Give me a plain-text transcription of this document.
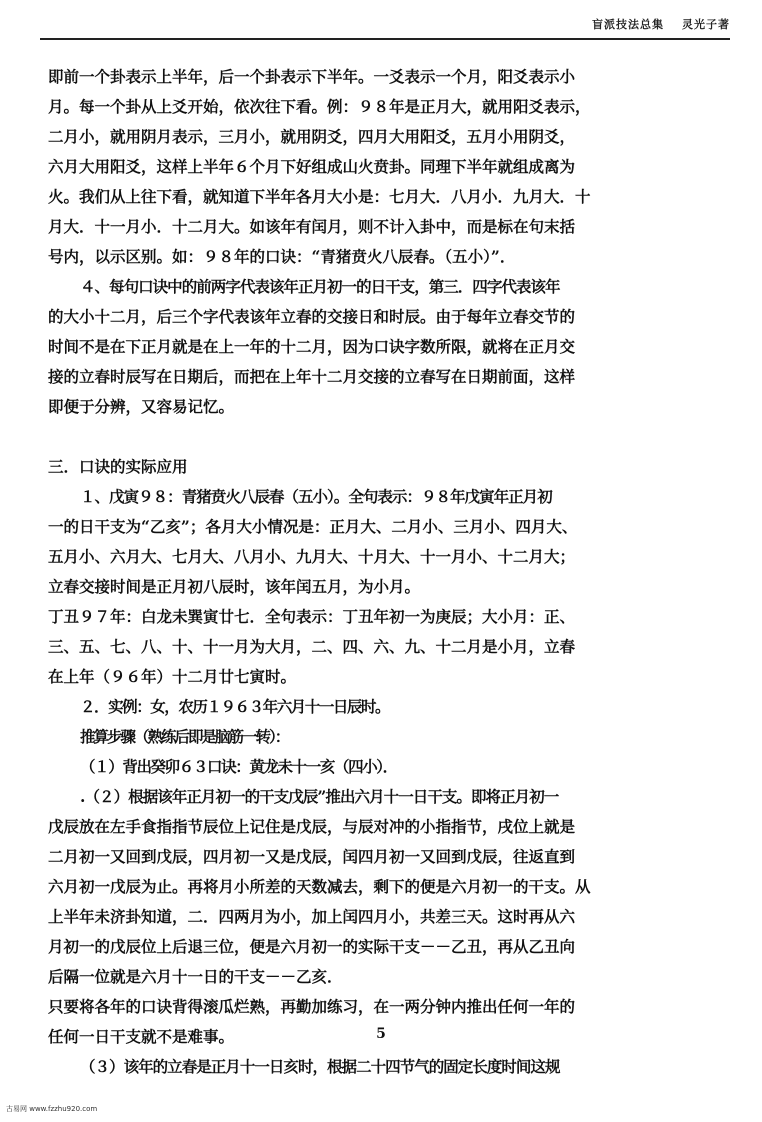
盲派技法总集 灵光子著
即前一个卦表示上半年，后一个卦表示下半年。一爻表示一个月，阳爻表示小
月。每一个卦从上爻开始，依次往下看。例：９８年是正月大，就用阳爻表示，
二月小，就用阴月表示，三月小，就用阴爻，四月大用阳爻，五月小用阴爻，
六月大用阳爻，这样上半年６个月下好组成山火贲卦。同理下半年就组成离为
火。我们从上往下看，就知道下半年各月大小是：七月大．八月小．九月大．十
月大．十一月小．十二月大。如该年有闰月，则不计入卦中，而是标在句末括
号内，以示区别。如：９８年的口诀：“青猪贲火八辰春。（五小）”．
４、每句口诀中的前两字代表该年正月初一的日干支，第三．四字代表该年
的大小十二月，后三个字代表该年立春的交接日和时辰。由于每年立春交节的
时间不是在下正月就是在上一年的十二月，因为口诀字数所限，就将在正月交
接的立春时辰写在日期后，而把在上年十二月交接的立春写在日期前面，这样
即便于分辨，又容易记忆。
三．口诀的实际应用
１、戊寅９８：青猪贲火八辰春（五小）。全句表示：９８年戊寅年正月初
一的日干支为“乙亥”；各月大小情况是：正月大、二月小、三月小、四月大、
五月小、六月大、七月大、八月小、九月大、十月大、十一月小、十二月大；
立春交接时间是正月初八辰时，该年闰五月，为小月。
丁丑９７年：白龙未巽寅廿七．全句表示：丁丑年初一为庚辰；大小月：正、
三、五、七、八、十、十一月为大月，二、四、六、九、十二月是小月，立春
在上年（９６年）十二月廿七寅时。
２．实例：女，农历１９６３年六月十一日辰时。
推算步骤（熟练后即是脑筋一转）：
（１）背出癸卯６３口诀：黄龙未十一亥（四小）．
.（２）根据该年正月初一的干支戊辰”推出六月十一日干支。即将正月初一
戊辰放在左手食指指节辰位上记住是戊辰，与辰对冲的小指指节，戌位上就是
二月初一又回到戊辰，四月初一又是戊辰，闰四月初一又回到戊辰，往返直到
六月初一戊辰为止。再将月小所差的天数减去，剩下的便是六月初一的干支。从
上半年未济卦知道，二．四两月为小，加上闰四月小，共差三天。这时再从六
月初一的戊辰位上后退三位，便是六月初一的实际干支－－乙丑，再从乙丑向
后隔一位就是六月十一日的干支－－乙亥．
只要将各年的口诀背得滚瓜烂熟，再勤加练习，在一两分钟内推出任何一年的
任何一日干支就不是难事。
（３）该年的立春是正月十一日亥时，根据二十四节气的固定长度时间这规
5
古易网 www.fzzhu920.com
